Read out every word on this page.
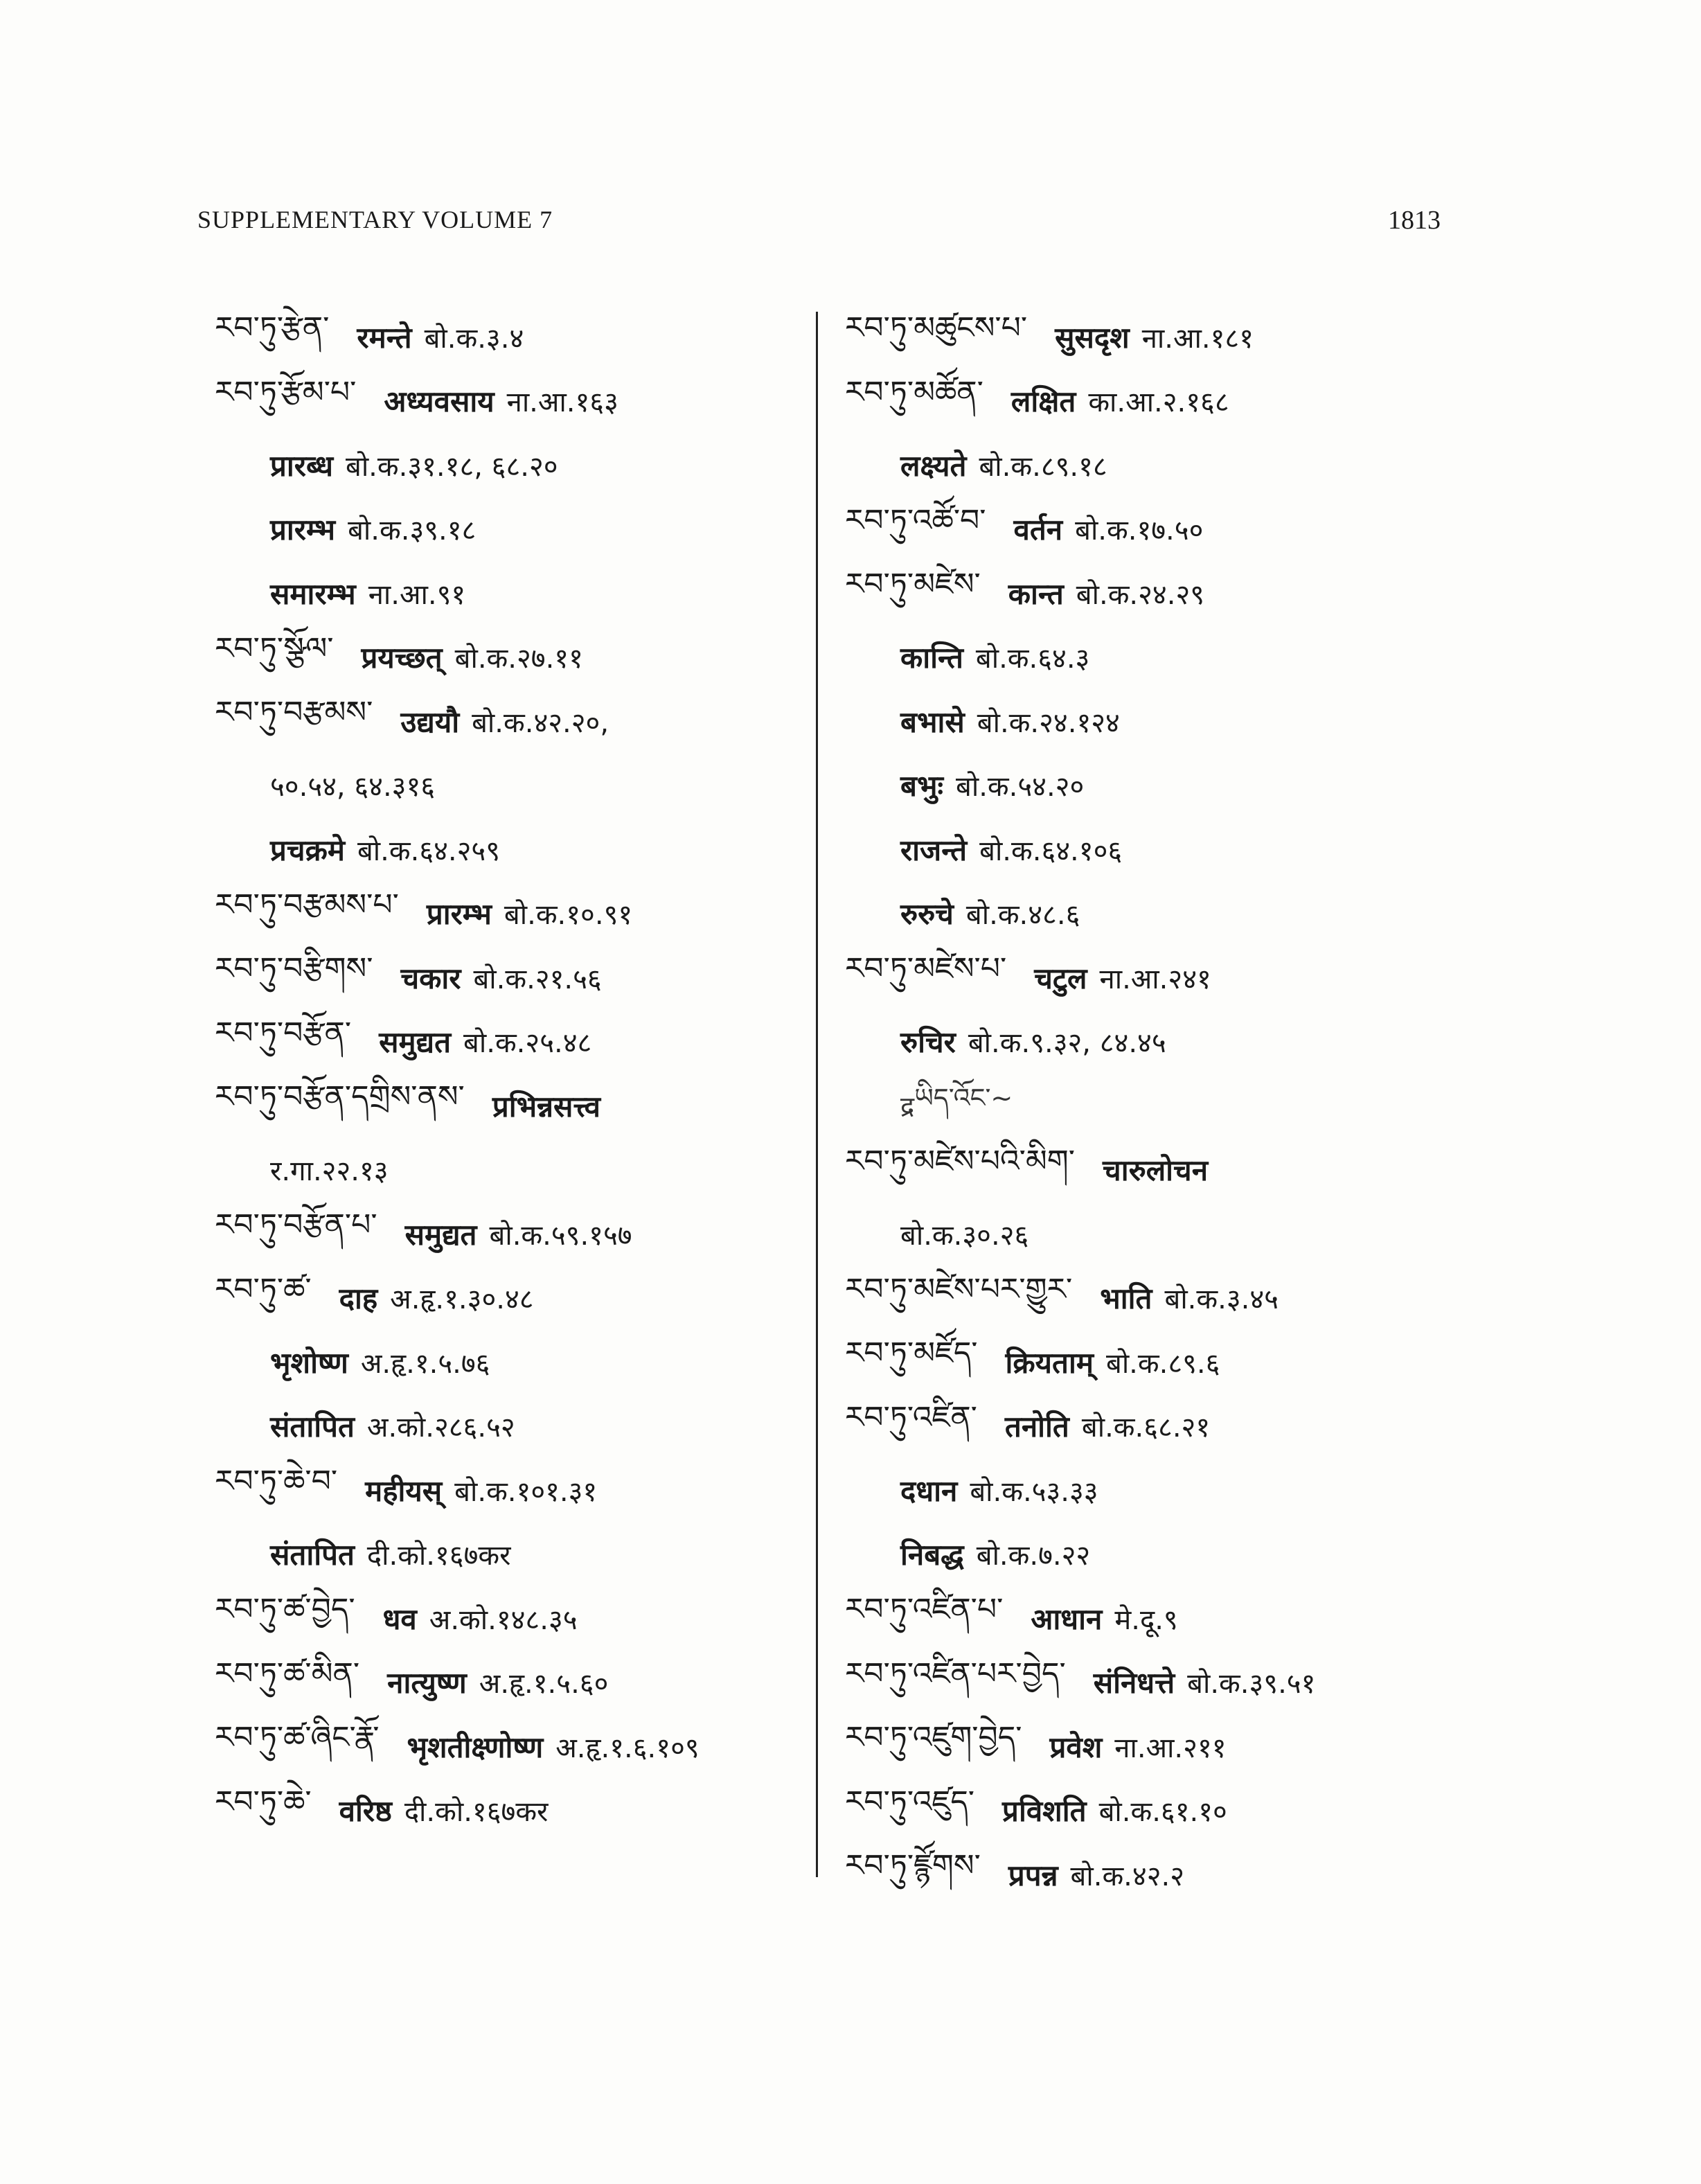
SUPPLEMENTARY VOLUME 7	1813
རབ་ཏུ་རྩེན་ रमन्ते बो.क.३.४
རབ་ཏུ་རྩོམ་པ་ अध्यवसाय ना.आ.१६३
प्रारब्ध बो.क.३१.१८, ६८.२०
प्रारम्भ बो.क.३९.१८
समारम्भ ना.आ.९१
རབ་ཏུ་སྩོལ་ प्रयच्छत् बो.क.२७.११
རབ་ཏུ་བརྩམས་ उद्ययौ बो.क.४२.२०,
५०.५४, ६४.३१६
प्रचक्रमे बो.क.६४.२५९
རབ་ཏུ་བརྩམས་པ་ प्रारम्भ बो.क.१०.९१
རབ་ཏུ་བརྩིགས་ चकार बो.क.२१.५६
རབ་ཏུ་བརྩོན་ समुद्यत बो.क.२५.४८
རབ་ཏུ་བརྩོན་དགྲིས་ནས་ प्रभिन्नसत्त्व
र.गा.२२.१३
རབ་ཏུ་བརྩོན་པ་ समुद्यत बो.क.५९.१५७
རབ་ཏུ་ཚ་ दाह अ.हृ.१.३०.४८
भृशोष्ण अ.हृ.१.५.७६
संतापित अ.को.२८६.५२
རབ་ཏུ་ཆེ་བ་ महीयस् बो.क.१०१.३१
संतापित दी.को.१६७कर
རབ་ཏུ་ཚ་བྱེད་ धव अ.को.१४८.३५
རབ་ཏུ་ཚ་མིན་ नात्युष्ण अ.हृ.१.५.६०
རབ་ཏུ་ཚ་ཞིང་རྣོ་ भृशतीक्ष्णोष्ण अ.हृ.१.६.१०९
རབ་ཏུ་ཆེ་ वरिष्ठ दी.को.१६७कर
རབ་ཏུ་མཚུངས་པ་ सुसदृश ना.आ.१८१
རབ་ཏུ་མཚོན་ लक्षित का.आ.२.१६८
लक्ष्यते बो.क.८९.१८
རབ་ཏུ་འཚོ་བ་ वर्तन बो.क.१७.५०
རབ་ཏུ་མཛེས་ कान्त बो.क.२४.२९
कान्ति बो.क.६४.३
बभासे बो.क.२४.१२४
बभुः बो.क.५४.२०
राजन्ते बो.क.६४.१०६
रुरुचे बो.क.४८.६
རབ་ཏུ་མཛེས་པ་ चटुल ना.आ.२४१
रुचिर बो.क.९.३२, ८४.४५
द्र ཡིད་འོང་~
རབ་ཏུ་མཛེས་པའི་མིག་ चारुलोचन
बो.क.३०.२६
རབ་ཏུ་མཛེས་པར་གྱུར་ भाति बो.क.३.४५
རབ་ཏུ་མཛོད་ क्रियताम् बो.क.८९.६
རབ་ཏུ་འཛིན་ तनोति बो.क.६८.२१
दधान बो.क.५३.३३
निबद्ध बो.क.७.२२
རབ་ཏུ་འཛིན་པ་ आधान मे.दू.९
རབ་ཏུ་འཛིན་པར་བྱེད་ संनिधत्ते बो.क.३९.५१
རབ་ཏུ་འཛུག་བྱེད་ प्रवेश ना.आ.२११
རབ་ཏུ་འཛུད་ प्रविशति बो.क.६१.१०
རབ་ཏུ་ཛྙོགས་ प्रपन्न बो.क.४२.२
